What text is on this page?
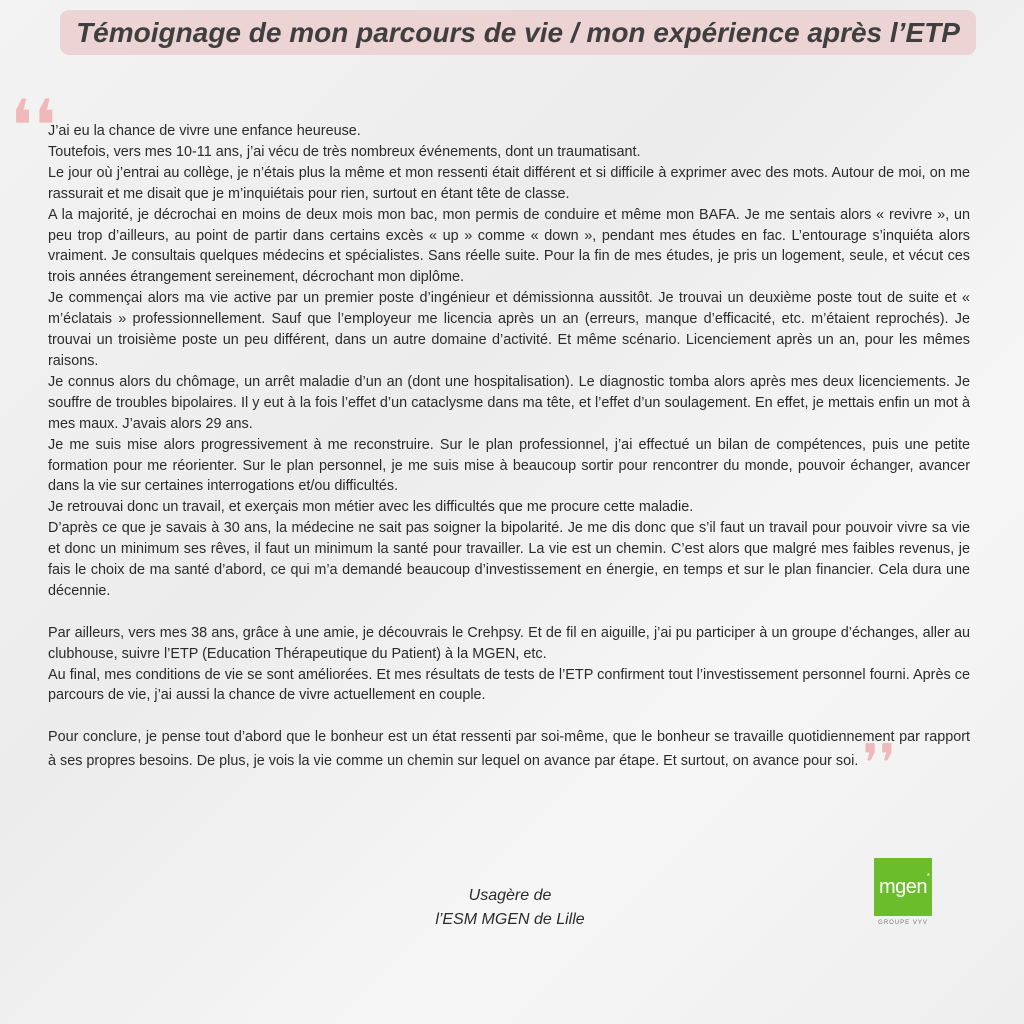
Témoignage de mon parcours de vie / mon expérience après l’ETP
❛❛

J’ai eu la chance de vivre une enfance heureuse.

Toutefois, vers mes 10-11 ans, j’ai vécu de très nombreux événements, dont un traumatisant.

Le jour où j’entrai au collège, je n’étais plus la même et mon ressenti était différent et si difficile à exprimer avec des mots. Autour de moi, on me rassurait et me disait que je m’inquiétais pour rien, surtout en étant tête de classe.

A la majorité, je décrochai en moins de deux mois mon bac, mon permis de conduire et même mon BAFA. Je me sentais alors « revivre », un peu trop d’ailleurs, au point de partir dans certains excès « up » comme « down », pendant mes études en fac. L’entourage s’inquiéta alors vraiment. Je consultais quelques médecins et spécialistes. Sans réelle suite. Pour la fin de mes études, je pris un logement, seule, et vécut ces trois années étrangement sereinement, décrochant mon diplôme.

Je commençai alors ma vie active par un premier poste d’ingénieur et démissionna aussitôt. Je trouvai un deuxième poste tout de suite et « m’éclatais » professionnellement. Sauf que l’employeur me licencia après un an (erreurs, manque d’efficacité, etc. m’étaient reprochés). Je trouvai un troisième poste un peu différent, dans un autre domaine d’activité. Et même scénario. Licenciement après un an, pour les mêmes raisons.

Je connus alors du chômage, un arrêt maladie d’un an (dont une hospitalisation). Le diagnostic tomba alors après mes deux licenciements. Je souffre de troubles bipolaires. Il y eut à la fois l’effet d’un cataclysme dans ma tête, et l’effet d’un soulagement. En effet, je mettais enfin un mot à mes maux. J’avais alors 29 ans.

Je me suis mise alors progressivement à me reconstruire. Sur le plan professionnel, j’ai effectué un bilan de compétences, puis une petite formation pour me réorienter. Sur le plan personnel, je me suis mise à beaucoup sortir pour rencontrer du monde, pouvoir échanger, avancer dans la vie sur certaines interrogations et/ou difficultés.

Je retrouvai donc un travail, et exerçais mon métier avec les difficultés que me procure cette maladie.

D’après ce que je savais à 30 ans, la médecine ne sait pas soigner la bipolarité. Je me dis donc que s’il faut un travail pour pouvoir vivre sa vie et donc un minimum ses rêves, il faut un minimum la santé pour travailler. La vie est un chemin. C’est alors que malgré mes faibles revenus, je fais le choix de ma santé d’abord, ce qui m’a demandé beaucoup d’investissement en énergie, en temps et sur le plan financier. Cela dura une décennie.

Par ailleurs, vers mes 38 ans, grâce à une amie, je découvrais le Crehpsy. Et de fil en aiguille, j’ai pu participer à un groupe d’échanges, aller au clubhouse, suivre l’ETP (Education Thérapeutique du Patient) à la MGEN, etc.

Au final, mes conditions de vie se sont améliorées. Et mes résultats de tests de l’ETP confirment tout l’investissement personnel fourni. Après ce parcours de vie, j’ai aussi la chance de vivre actuellement en couple.

Pour conclure, je pense tout d’abord que le bonheur est un état ressenti par soi-même, que le bonheur se travaille quotidiennement par rapport à ses propres besoins. De plus, je vois la vie comme un chemin sur lequel on avance par étape. Et surtout, on avance pour soi. ❜❜

Usagère de
l’ESM MGEN de Lille
mgen *
GROUPE VYV
